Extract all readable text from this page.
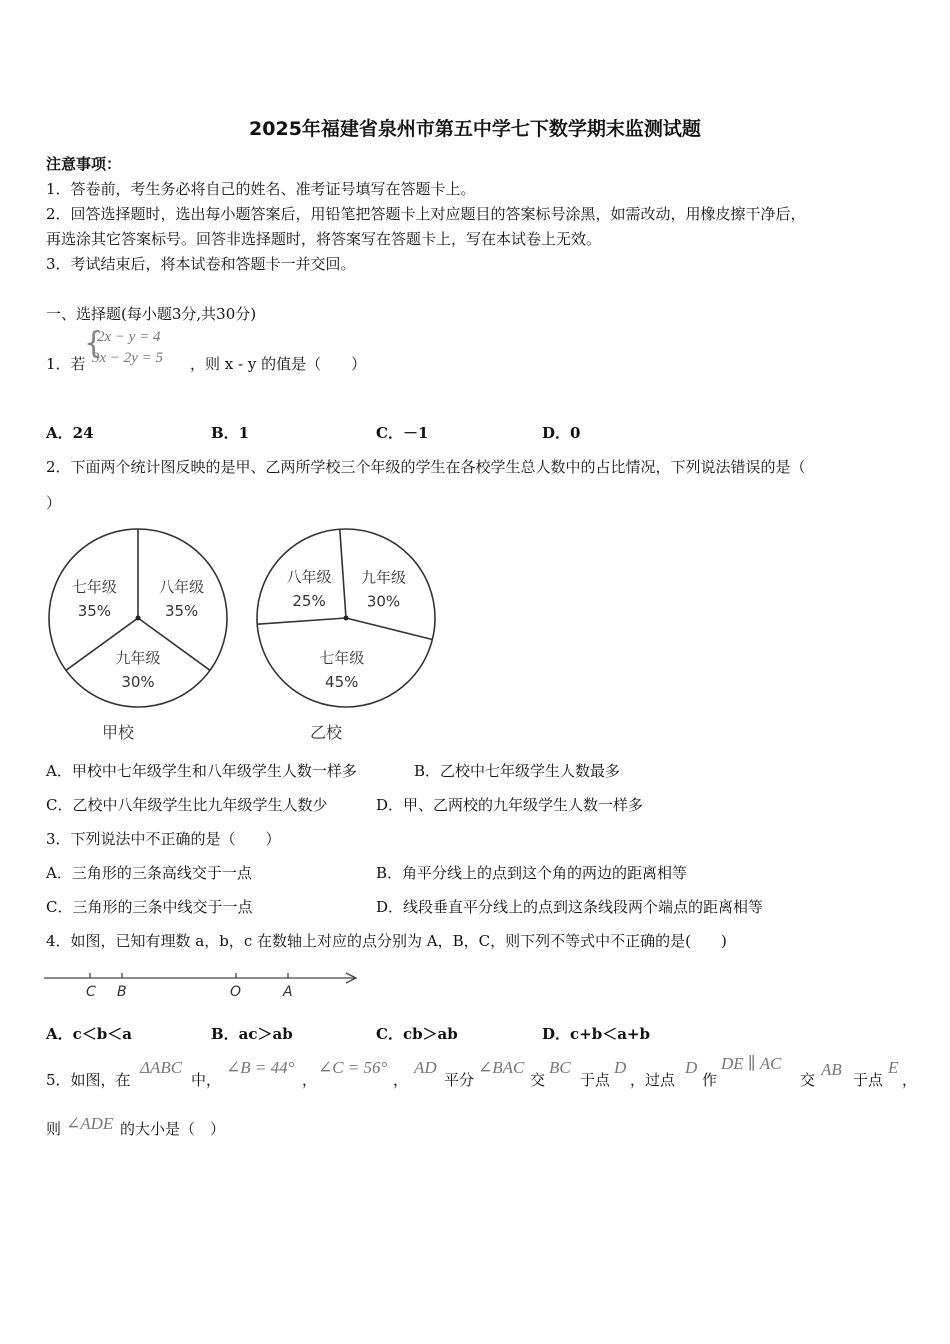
2025年福建省泉州市第五中学七下数学期末监测试题
注意事项：
1．答卷前，考生务必将自己的姓名、准考证号填写在答题卡上。
2．回答选择题时，选出每小题答案后，用铅笔把答题卡上对应题目的答案标号涂黑，如需改动，用橡皮擦干净后，
再选涂其它答案标号。回答非选择题时，将答案写在答题卡上，写在本试卷上无效。
3．考试结束后，将本试卷和答题卡一并交回。
一、选择题(每小题3分,共30分)
1．若
{
2x − y = 4
3x − 2y = 5 ，则 x - y 的值是（　　）
A．24	B．1	C．－1	D．0
2．下面两个统计图反映的是甲、乙两所学校三个年级的学生在各校学生总人数中的占比情况，下列说法错误的是（
）
八年级
35%
九年级
30%
七年级
35%
甲校
八年级
25%
九年级
30%
七年级
45%
乙校
A．甲校中七年级学生和八年级学生人数一样多	B．乙校中七年级学生人数最多
C．乙校中八年级学生比九年级学生人数少	D．甲、乙两校的九年级学生人数一样多
3．下列说法中不正确的是（　　）
A．三角形的三条高线交于一点	B．角平分线上的点到这个角的两边的距离相等
C．三角形的三条中线交于一点	D．线段垂直平分线上的点到这条线段两个端点的距离相等
4．如图，已知有理数 a，b，c 在数轴上对应的点分别为 A，B，C，则下列不等式中不正确的是(　　)
C B	O	A
A．c＜b＜a	B．ac＞ab	C．cb＞ab	D．c+b＜a+b
5．如图，在
ΔABC
中，
∠B = 44°
，
∠C = 56°
，
AD
平分
∠BAC
交
BC
于点
D
，过点
D
作
DE ∥ AC
交
AB
于点
E
，
则 ∠ADE 的大小是（　）
